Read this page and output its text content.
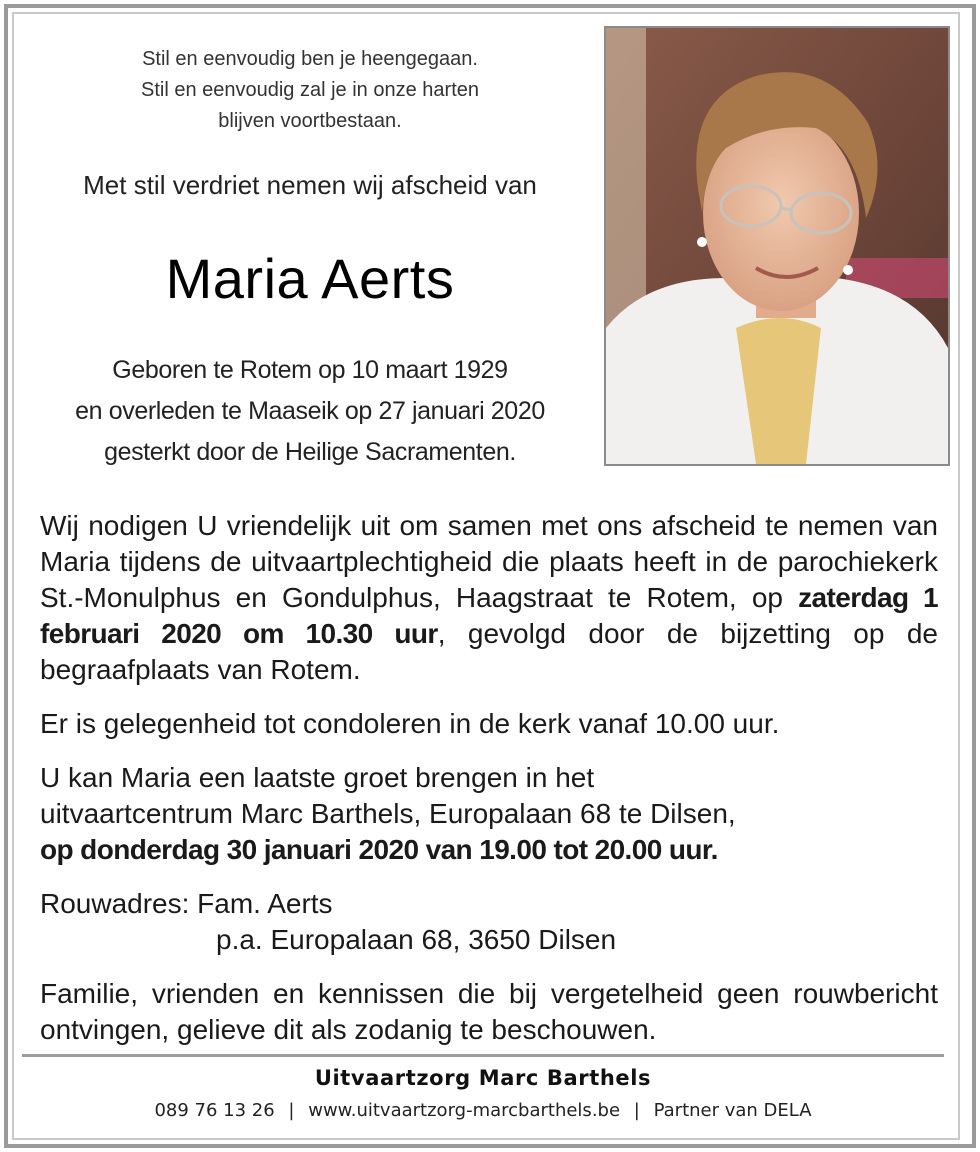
Stil en eenvoudig ben je heengegaan.
Stil en eenvoudig zal je in onze harten
blijven voortbestaan.
Met stil verdriet nemen wij afscheid van
Maria Aerts
Geboren te Rotem op 10 maart 1929
en overleden te Maaseik op 27 januari 2020
gesterkt door de Heilige Sacramenten.
Wij nodigen U vriendelijk uit om samen met ons afscheid te nemen van Maria tijdens de uitvaartplechtigheid die plaats heeft in de parochiekerk St.-Monulphus en Gondulphus, Haagstraat te Rotem, op zaterdag 1 februari 2020 om 10.30 uur, gevolgd door de bijzetting op de begraafplaats van Rotem.
Er is gelegenheid tot condoleren in de kerk vanaf 10.00 uur.
U kan Maria een laatste groet brengen in het
uitvaartcentrum Marc Barthels, Europalaan 68 te Dilsen,
op donderdag 30 januari 2020 van 19.00 tot 20.00 uur.
Rouwadres: Fam. Aerts
p.a. Europalaan 68, 3650 Dilsen
Familie, vrienden en kennissen die bij vergetelheid geen rouwbericht ontvingen, gelieve dit als zodanig te beschouwen.
Uitvaartzorg Marc Barthels
089 76 13 26 | www.uitvaartzorg-marcbarthels.be | Partner van DELA
